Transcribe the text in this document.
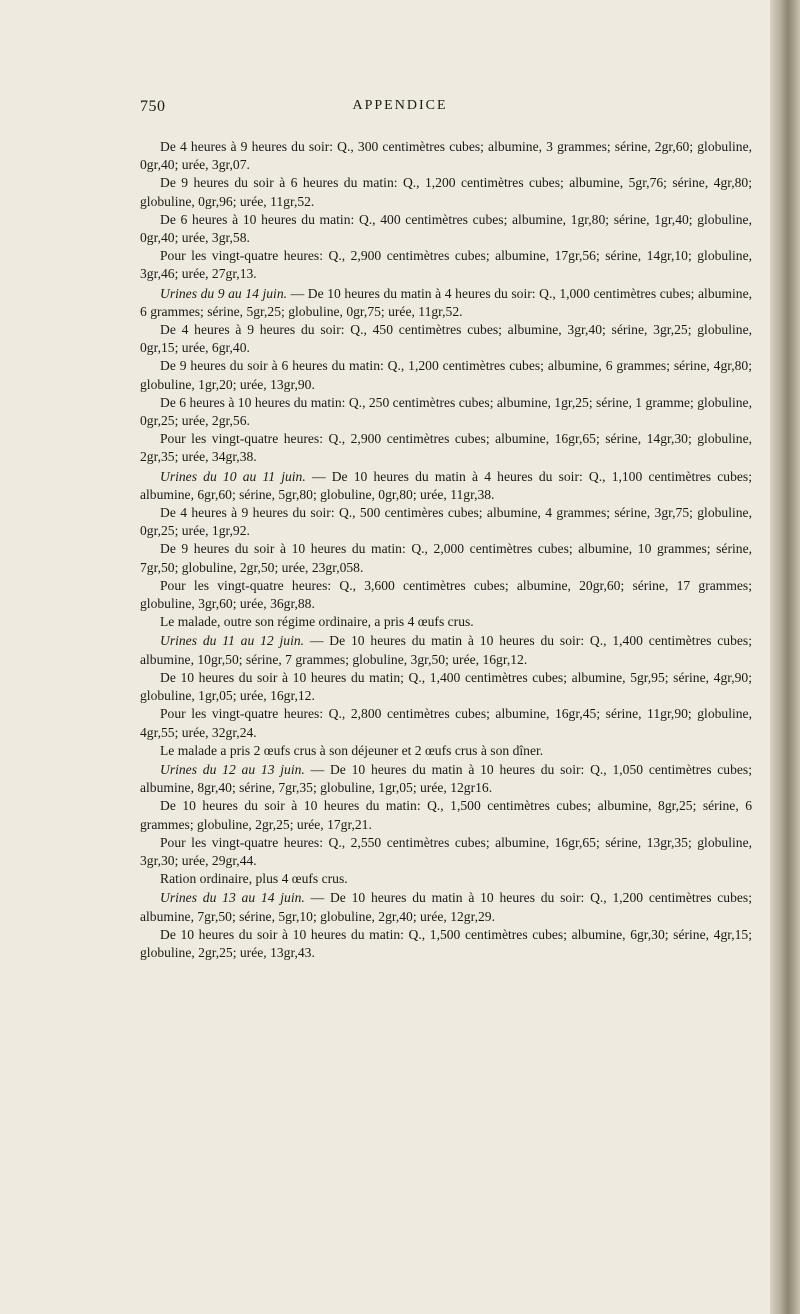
750	APPENDICE

De 4 heures à 9 heures du soir: Q., 300 centimètres cubes; albumine, 3 grammes; sérine, 2gr,60; globuline, 0gr,40; urée, 3gr,07.

De 9 heures du soir à 6 heures du matin: Q., 1,200 centimètres cubes; albumine, 5gr,76; sérine, 4gr,80; globuline, 0gr,96; urée, 11gr,52.

De 6 heures à 10 heures du matin: Q., 400 centimètres cubes; albumine, 1gr,80; sérine, 1gr,40; globuline, 0gr,40; urée, 3gr,58.

Pour les vingt-quatre heures: Q., 2,900 centimètres cubes; albumine, 17gr,56; sérine, 14gr,10; globuline, 3gr,46; urée, 27gr,13.

Urines du 9 au 14 juin. — De 10 heures du matin à 4 heures du soir: Q., 1,000 centimètres cubes; albumine, 6 grammes; sérine, 5gr,25; globuline, 0gr,75; urée, 11gr,52.

De 4 heures à 9 heures du soir: Q., 450 centimètres cubes; albumine, 3gr,40; sérine, 3gr,25; globuline, 0gr,15; urée, 6gr,40.

De 9 heures du soir à 6 heures du matin: Q., 1,200 centimètres cubes; albumine, 6 grammes; sérine, 4gr,80; globuline, 1gr,20; urée, 13gr,90.

De 6 heures à 10 heures du matin: Q., 250 centimètres cubes; albumine, 1gr,25; sérine, 1 gramme; globuline, 0gr,25; urée, 2gr,56.

Pour les vingt-quatre heures: Q., 2,900 centimètres cubes; albumine, 16gr,65; sérine, 14gr,30; globuline, 2gr,35; urée, 34gr,38.

Urines du 10 au 11 juin. — De 10 heures du matin à 4 heures du soir: Q., 1,100 centimètres cubes; albumine, 6gr,60; sérine, 5gr,80; globuline, 0gr,80; urée, 11gr,38.

De 4 heures à 9 heures du soir: Q., 500 centimères cubes; albumine, 4 grammes; sérine, 3gr,75; globuline, 0gr,25; urée, 1gr,92.

De 9 heures du soir à 10 heures du matin: Q., 2,000 centimètres cubes; albumine, 10 grammes; sérine, 7gr,50; globuline, 2gr,50; urée, 23gr,058.

Pour les vingt-quatre heures: Q., 3,600 centimètres cubes; albumine, 20gr,60; sérine, 17 grammes; globuline, 3gr,60; urée, 36gr,88.

Le malade, outre son régime ordinaire, a pris 4 œufs crus.

Urines du 11 au 12 juin. — De 10 heures du matin à 10 heures du soir: Q., 1,400 centimètres cubes; albumine, 10gr,50; sérine, 7 grammes; globuline, 3gr,50; urée, 16gr,12.

De 10 heures du soir à 10 heures du matin; Q., 1,400 centimètres cubes; albumine, 5gr,95; sérine, 4gr,90; globuline, 1gr,05; urée, 16gr,12.

Pour les vingt-quatre heures: Q., 2,800 centimètres cubes; albumine, 16gr,45; sérine, 11gr,90; globuline, 4gr,55; urée, 32gr,24.

Le malade a pris 2 œufs crus à son déjeuner et 2 œufs crus à son dîner.

Urines du 12 au 13 juin. — De 10 heures du matin à 10 heures du soir: Q., 1,050 centimètres cubes; albumine, 8gr,40; sérine, 7gr,35; globuline, 1gr,05; urée, 12gr16.

De 10 heures du soir à 10 heures du matin: Q., 1,500 centimètres cubes; albumine, 8gr,25; sérine, 6 grammes; globuline, 2gr,25; urée, 17gr,21.

Pour les vingt-quatre heures: Q., 2,550 centimètres cubes; albumine, 16gr,65; sérine, 13gr,35; globuline, 3gr,30; urée, 29gr,44.

Ration ordinaire, plus 4 œufs crus.

Urines du 13 au 14 juin. — De 10 heures du matin à 10 heures du soir: Q., 1,200 centimètres cubes; albumine, 7gr,50; sérine, 5gr,10; globuline, 2gr,40; urée, 12gr,29.

De 10 heures du soir à 10 heures du matin: Q., 1,500 centimètres cubes; albumine, 6gr,30; sérine, 4gr,15; globuline, 2gr,25; urée, 13gr,43.
